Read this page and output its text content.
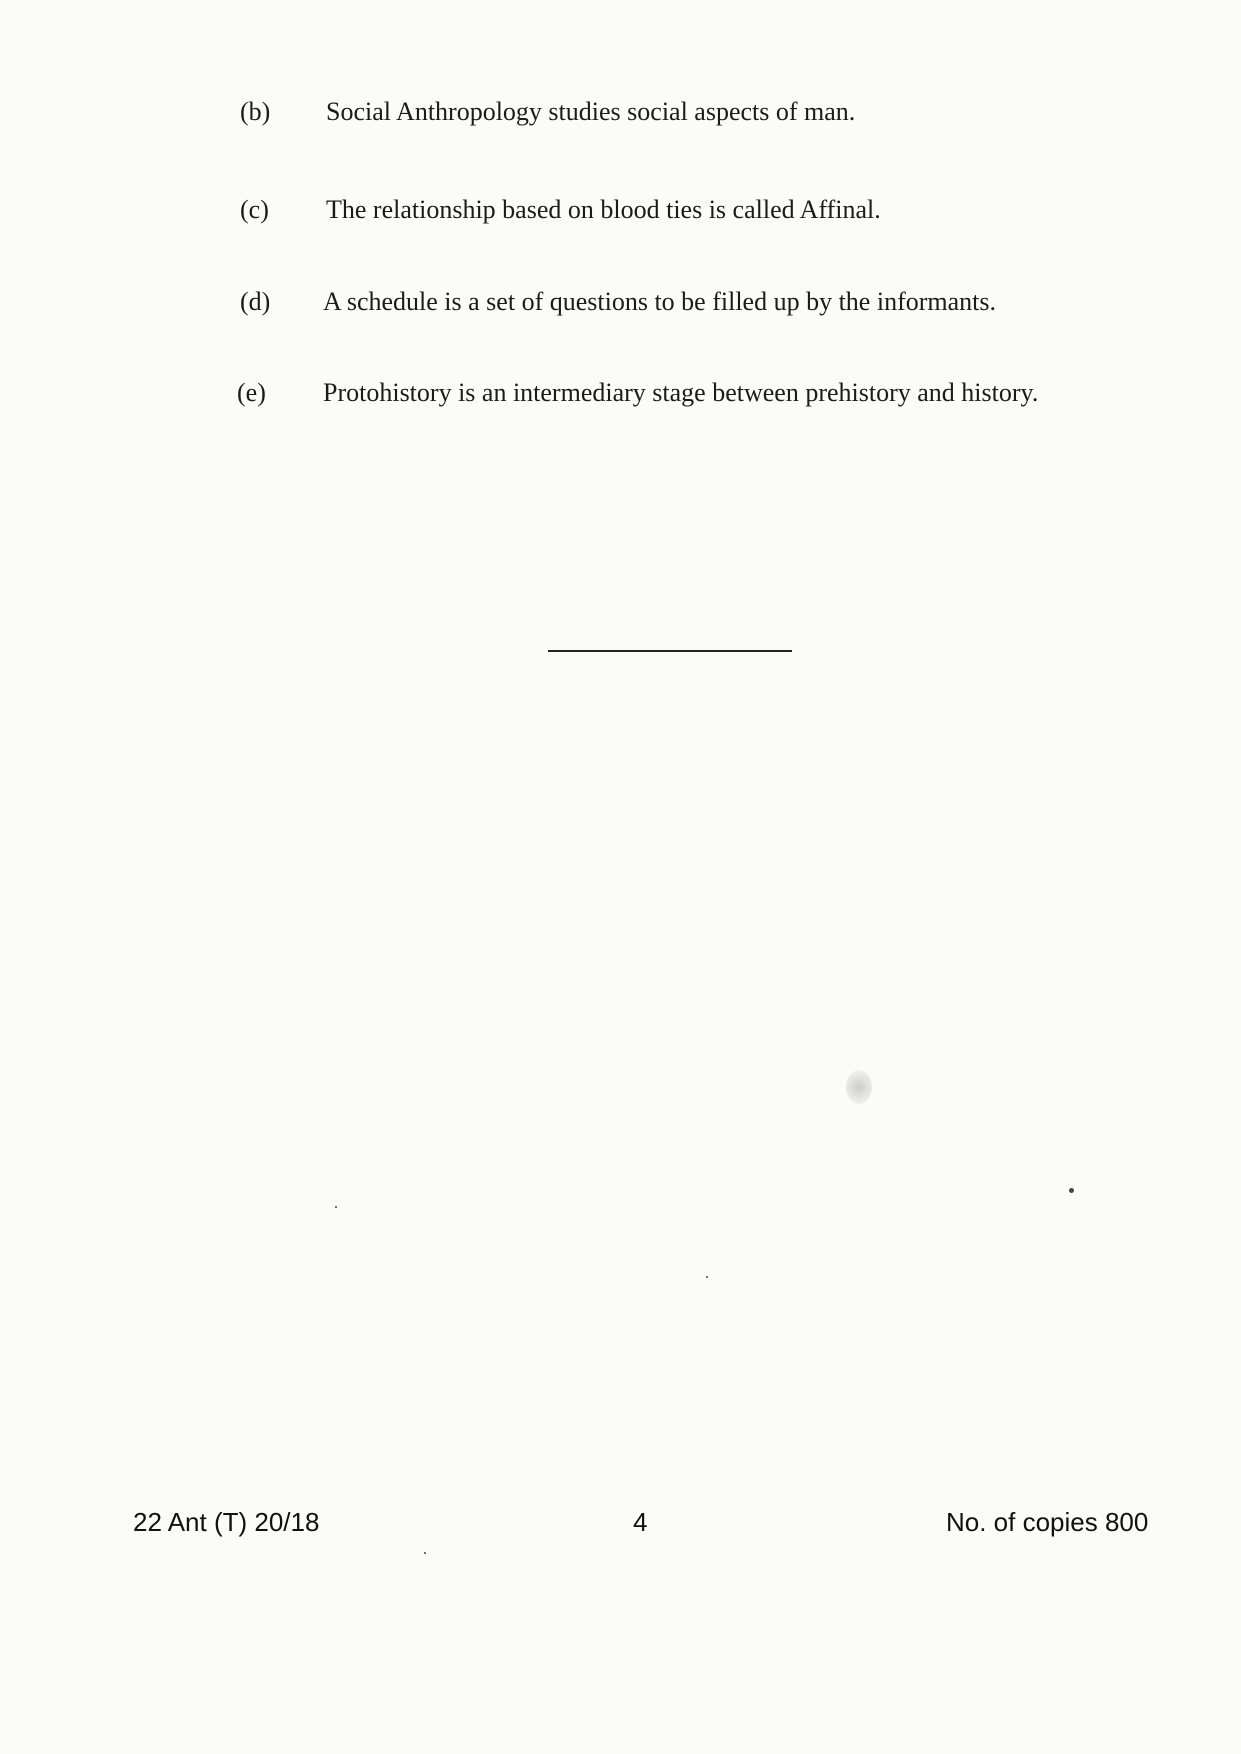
(b) Social Anthropology studies social aspects of man.
(c) The relationship based on blood ties is called Affinal.
(d) A schedule is a set of questions to be filled up by the informants.
(e) Protohistory is an intermediary stage between prehistory and history.
22 Ant (T) 20/18	4	No. of copies 800
